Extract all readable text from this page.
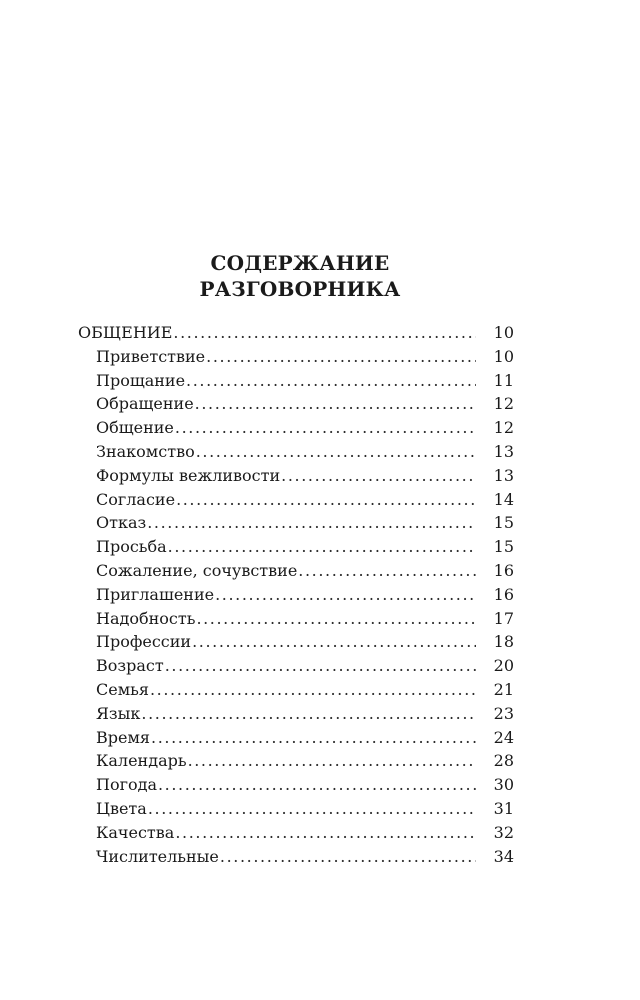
СОДЕРЖАНИЕ
РАЗГОВОРНИКА
ОБЩЕНИЕ .....	10
Приветствие .....	10
Прощание .....	11
Обращение .....	12
Общение .....	12
Знакомство .....	13
Формулы вежливости .....	13
Согласие .....	14
Отказ .....	15
Просьба .....	15
Сожаление, сочувствие .....	16
Приглашение .....	16
Надобность .....	17
Профессии .....	18
Возраст .....	20
Семья .....	21
Язык .....	23
Время .....	24
Календарь .....	28
Погода .....	30
Цвета .....	31
Качества .....	32
Числительные .....	34
